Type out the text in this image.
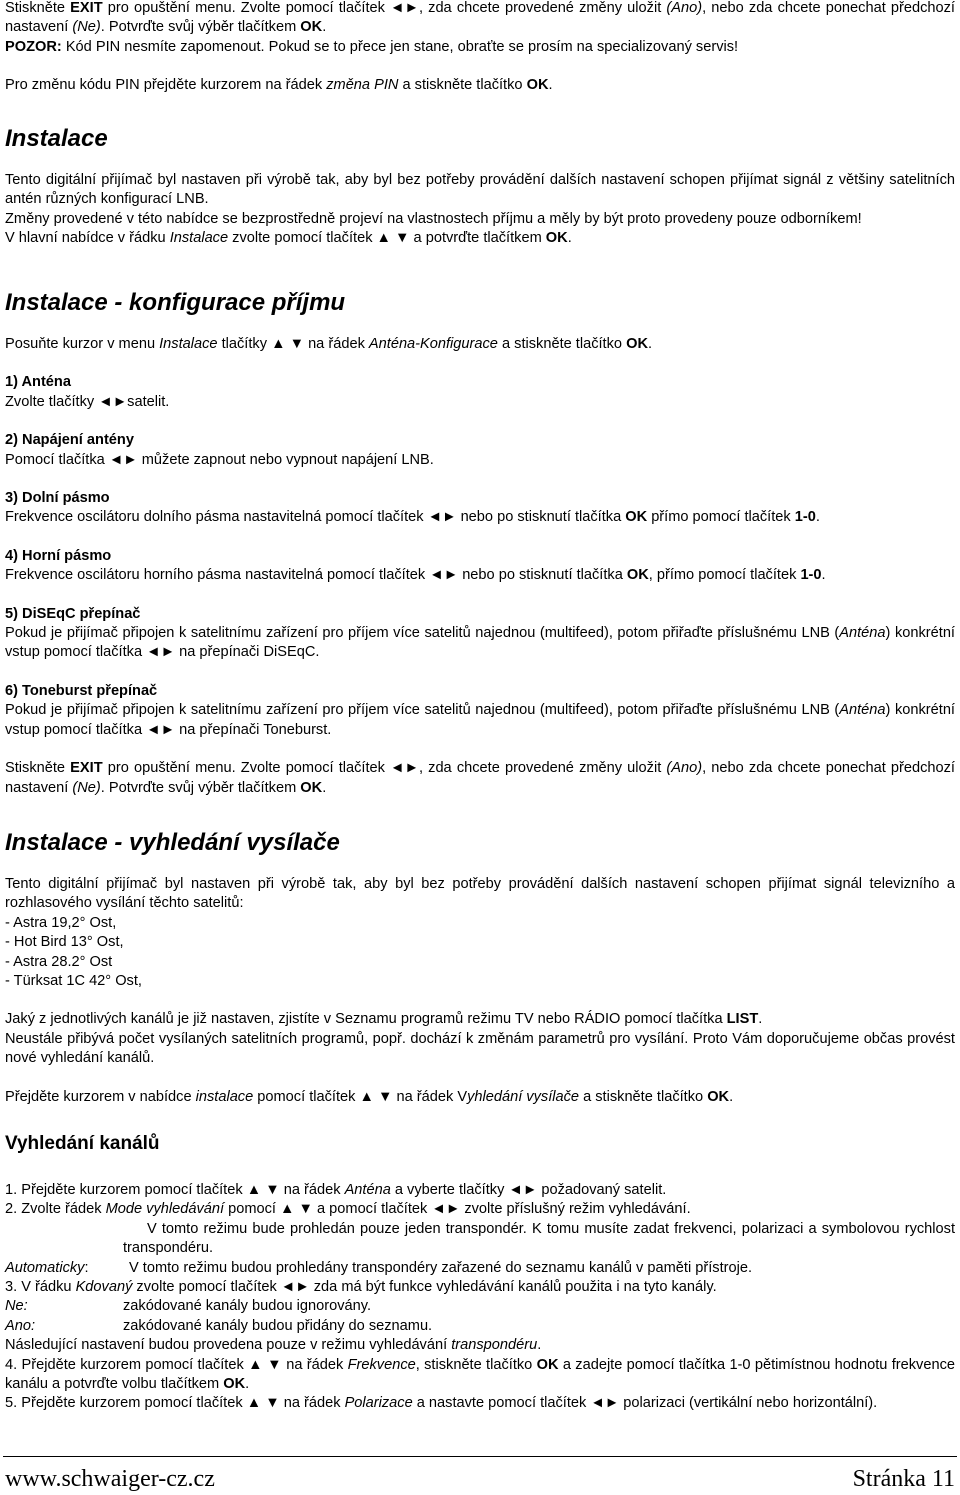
Stiskněte EXIT pro opuštění menu. Zvolte pomocí tlačítek ◄►, zda chcete provedené změny uložit (Ano), nebo zda chcete ponechat předchozí nastavení (Ne). Potvrďte svůj výběr tlačítkem OK.

POZOR: Kód PIN nesmíte zapomenout. Pokud se to přece jen stane, obraťte se prosím na specializovaný servis!

Pro změnu kódu PIN přejděte kurzorem na řádek změna PIN a stiskněte tlačítko OK.

Instalace

Tento digitální přijímač byl nastaven při výrobě tak, aby byl bez potřeby provádění dalších nastavení schopen přijímat signál z většiny satelitních antén různých konfigurací LNB.

Změny provedené v této nabídce se bezprostředně projeví na vlastnostech příjmu a měly by být proto provedeny pouze odborníkem!

V hlavní nabídce v řádku Instalace zvolte pomocí tlačítek ▲ ▼ a potvrďte tlačítkem OK.

Instalace - konfigurace příjmu

Posuňte kurzor v menu Instalace tlačítky ▲ ▼ na řádek Anténa-Konfigurace a stiskněte tlačítko OK.

1) Anténa

Zvolte tlačítky ◄►satelit.

2) Napájení antény

Pomocí tlačítka ◄► můžete zapnout nebo vypnout napájení LNB.

3) Dolní pásmo

Frekvence oscilátoru dolního pásma nastavitelná pomocí tlačítek ◄► nebo po stisknutí tlačítka OK přímo pomocí tlačítek 1-0.

4) Horní pásmo

Frekvence oscilátoru horního pásma nastavitelná pomocí tlačítek ◄► nebo po stisknutí tlačítka OK, přímo pomocí tlačítek 1-0.

5) DiSEqC přepínač

Pokud je přijímač připojen k satelitnímu zařízení pro příjem více satelitů najednou (multifeed), potom přiřaďte příslušnému LNB (Anténa) konkrétní vstup pomocí tlačítka ◄► na přepínači DiSEqC.

6) Toneburst přepínač

Pokud je přijímač připojen k satelitnímu zařízení pro příjem více satelitů najednou (multifeed), potom přiřaďte příslušnému LNB (Anténa) konkrétní vstup pomocí tlačítka ◄► na přepínači Toneburst.

Stiskněte EXIT pro opuštění menu. Zvolte pomocí tlačítek ◄►, zda chcete provedené změny uložit (Ano), nebo zda chcete ponechat předchozí nastavení (Ne). Potvrďte svůj výběr tlačítkem OK.

Instalace - vyhledání vysílače

Tento digitální přijímač byl nastaven při výrobě tak, aby byl bez potřeby provádění dalších nastavení schopen přijímat signál televizního a rozhlasového vysílání těchto satelitů:

- Astra 19,2° Ost,

- Hot Bird 13° Ost,

- Astra 28.2° Ost

- Türksat 1C 42° Ost,

Jaký z jednotlivých kanálů je již nastaven, zjistíte v Seznamu programů režimu TV nebo RÁDIO pomocí tlačítka LIST.

Neustále přibývá počet vysílaných satelitních programů, popř. dochází k změnám parametrů pro vysílání. Proto Vám doporučujeme občas provést nové vyhledání kanálů.

Přejděte kurzorem v nabídce instalace pomocí tlačítek ▲ ▼ na řádek Vyhledání vysílače a stiskněte tlačítko OK.

Vyhledání kanálů

1. Přejděte kurzorem pomocí tlačítek ▲ ▼ na řádek Anténa a vyberte tlačítky ◄► požadovaný satelit.

2. Zvolte řádek Mode vyhledávání pomocí ▲ ▼ a pomocí tlačítek ◄► zvolte příslušný režim vyhledávání.

V tomto režimu bude prohledán pouze jeden transpondér. K tomu musíte zadat frekvenci, polarizaci a symbolovou rychlost transpondéru.

Automaticky:	V tomto režimu budou prohledány transpondéry zařazené do seznamu kanálů v paměti přístroje.

3. V řádku Kdovaný zvolte pomocí tlačítek ◄► zda má být funkce vyhledávání kanálů použita i na tyto kanály.

Ne:	zakódované kanály budou ignorovány.

Ano:	zakódované kanály budou přidány do seznamu.

Následující nastavení budou provedena pouze v režimu vyhledávání transpondéru.

4. Přejděte kurzorem pomocí tlačítek ▲ ▼ na řádek Frekvence, stiskněte tlačítko OK a zadejte pomocí tlačítka 1-0 pětimístnou hodnotu frekvence kanálu a potvrďte volbu tlačítkem OK.

5. Přejděte kurzorem pomocí tlačítek ▲ ▼ na řádek Polarizace a nastavte pomocí tlačítek ◄► polarizaci (vertikální nebo horizontální).

www.schwaiger-cz.cz	Stránka 11
